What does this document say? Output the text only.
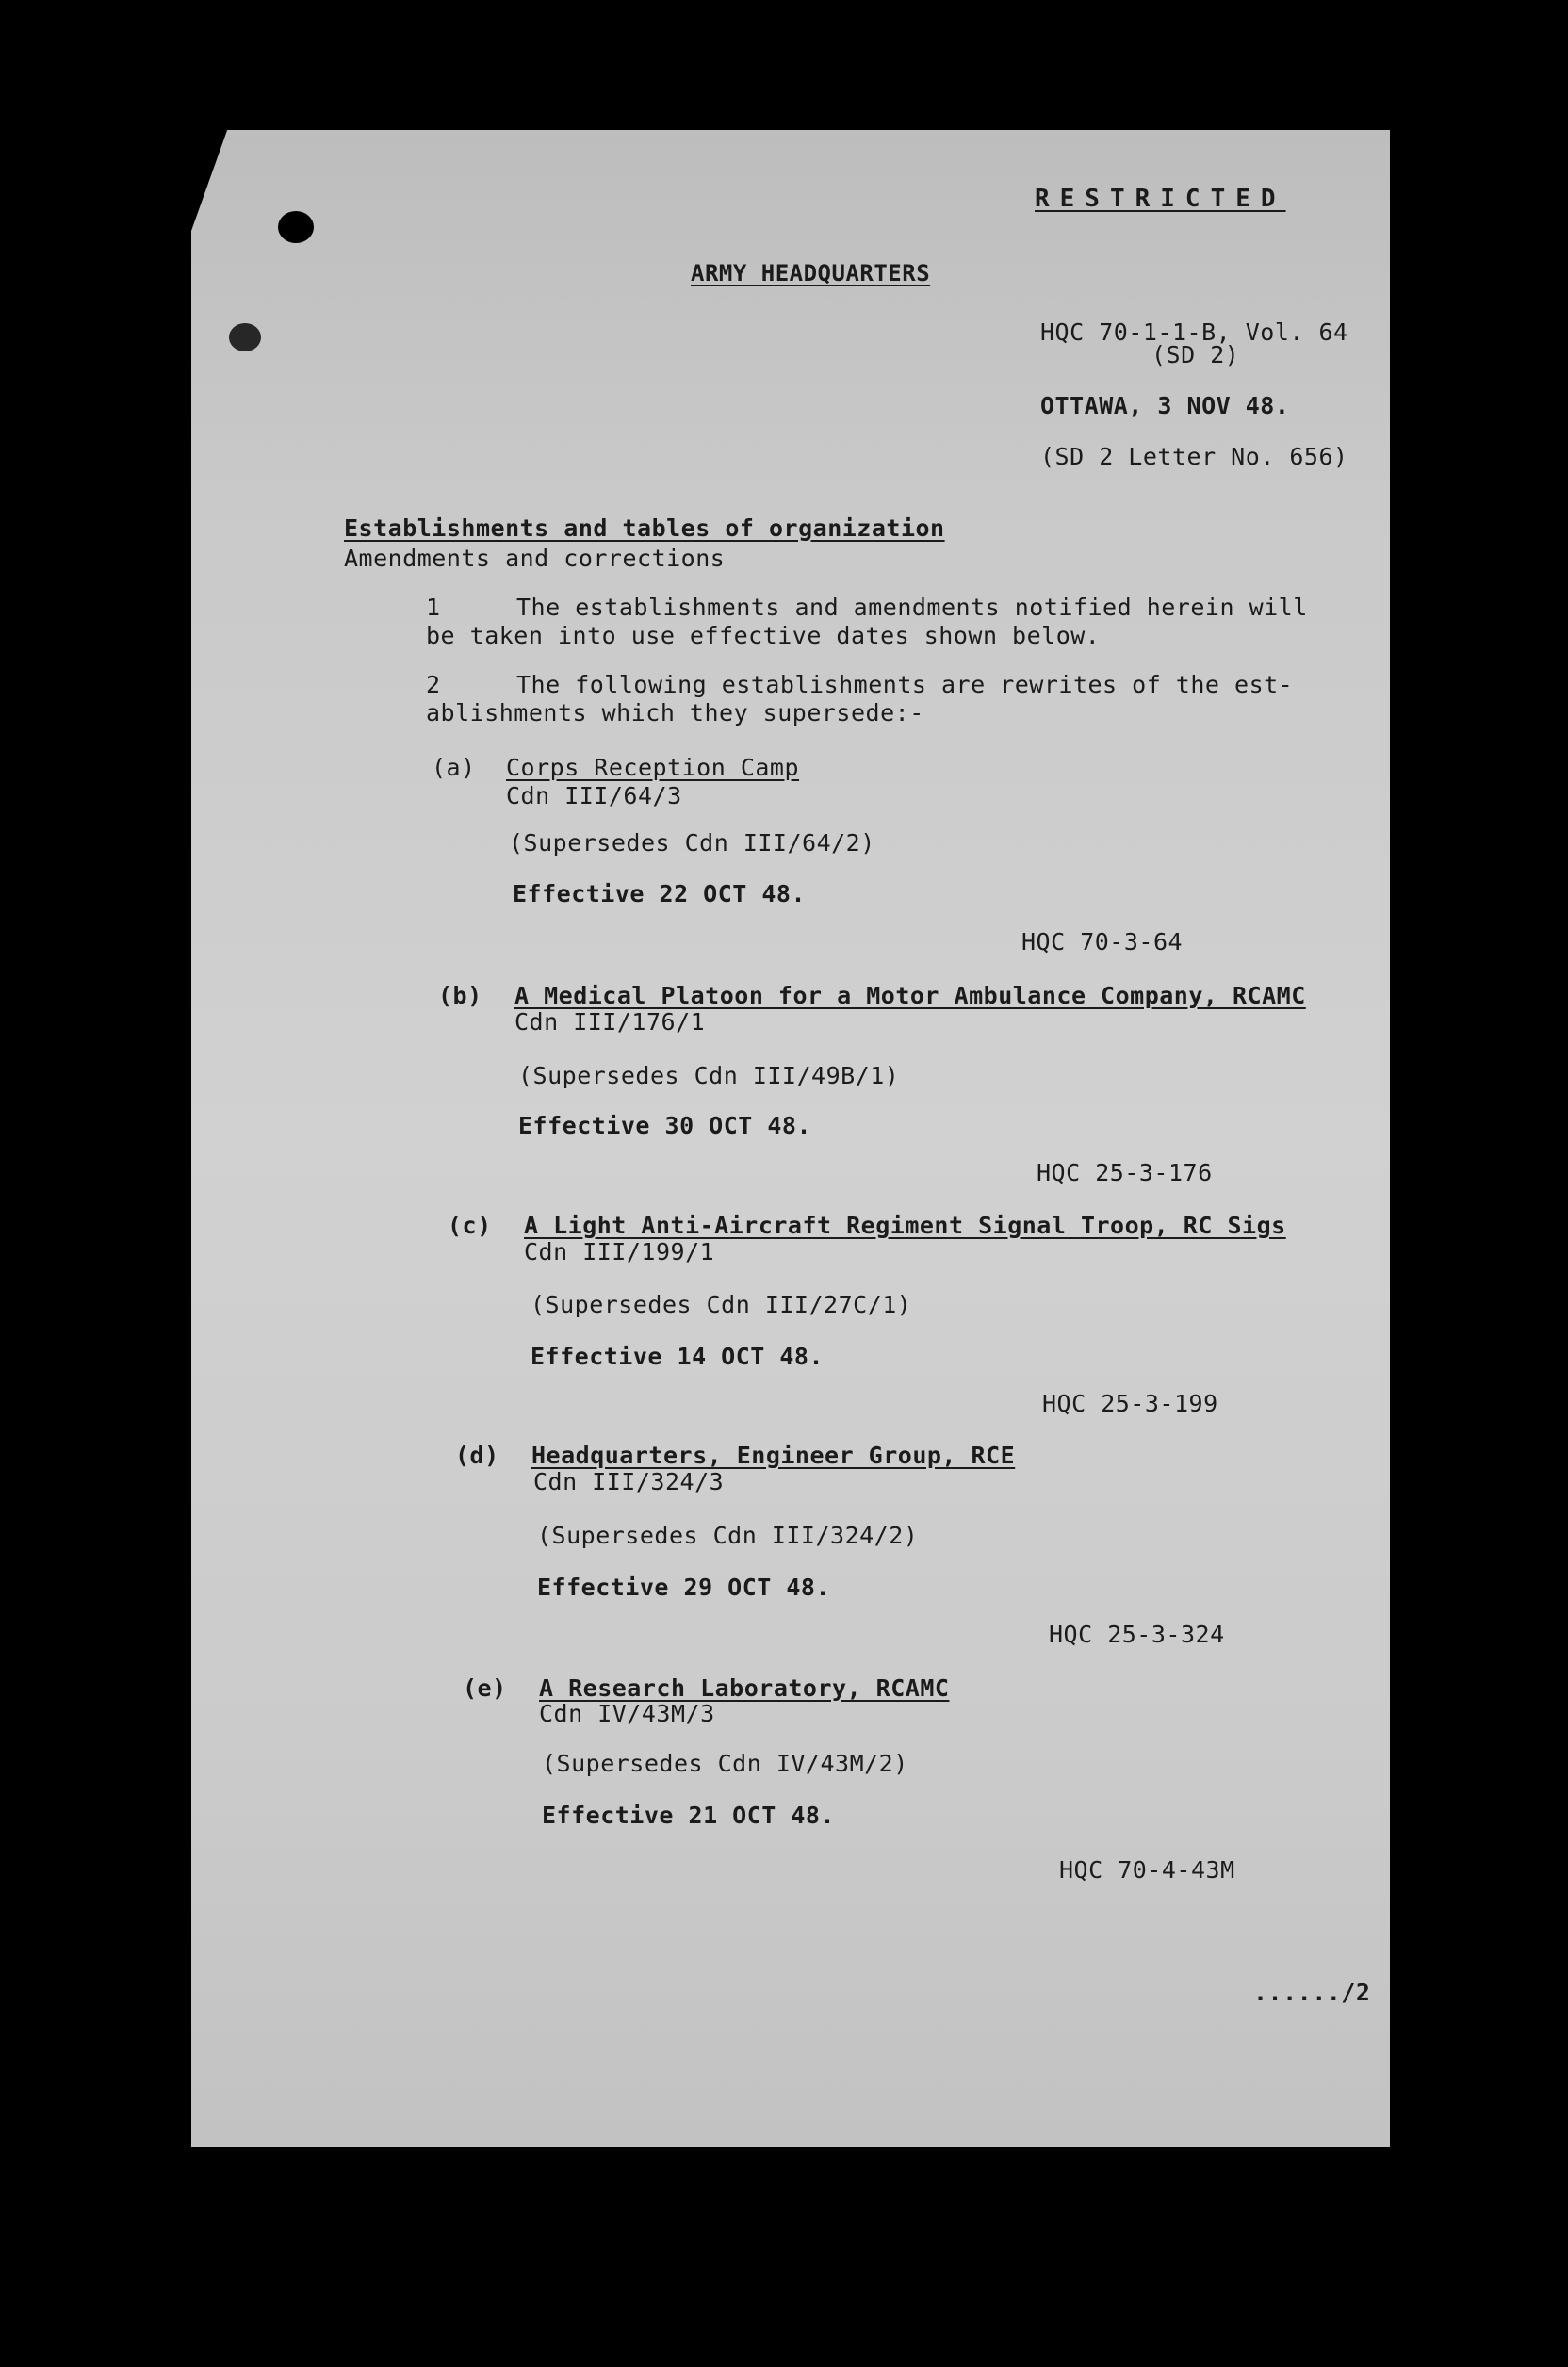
RESTRICTED
ARMY HEADQUARTERS
HQC 70-1-1-B, Vol. 64
(SD 2)
OTTAWA, 3 NOV 48.
(SD 2 Letter No. 656)
Establishments and tables of organization
Amendments and corrections
1	The establishments and amendments notified herein will
be taken into use effective dates shown below.
2	The following establishments are rewrites of the est-
ablishments which they supersede:-
(a) Corps Reception Camp
Cdn III/64/3
(Supersedes Cdn III/64/2)
Effective 22 OCT 48.
HQC 70-3-64
(b) A Medical Platoon for a Motor Ambulance Company, RCAMC
Cdn III/176/1
(Supersedes Cdn III/49B/1)
Effective 30 OCT 48.
HQC 25-3-176
(c) A Light Anti-Aircraft Regiment Signal Troop, RC Sigs
Cdn III/199/1
(Supersedes Cdn III/27C/1)
Effective 14 OCT 48.
HQC 25-3-199
(d) Headquarters, Engineer Group, RCE
Cdn III/324/3
(Supersedes Cdn III/324/2)
Effective 29 OCT 48.
HQC 25-3-324
(e) A Research Laboratory, RCAMC
Cdn IV/43M/3
(Supersedes Cdn IV/43M/2)
Effective 21 OCT 48.
HQC 70-4-43M
....../2
